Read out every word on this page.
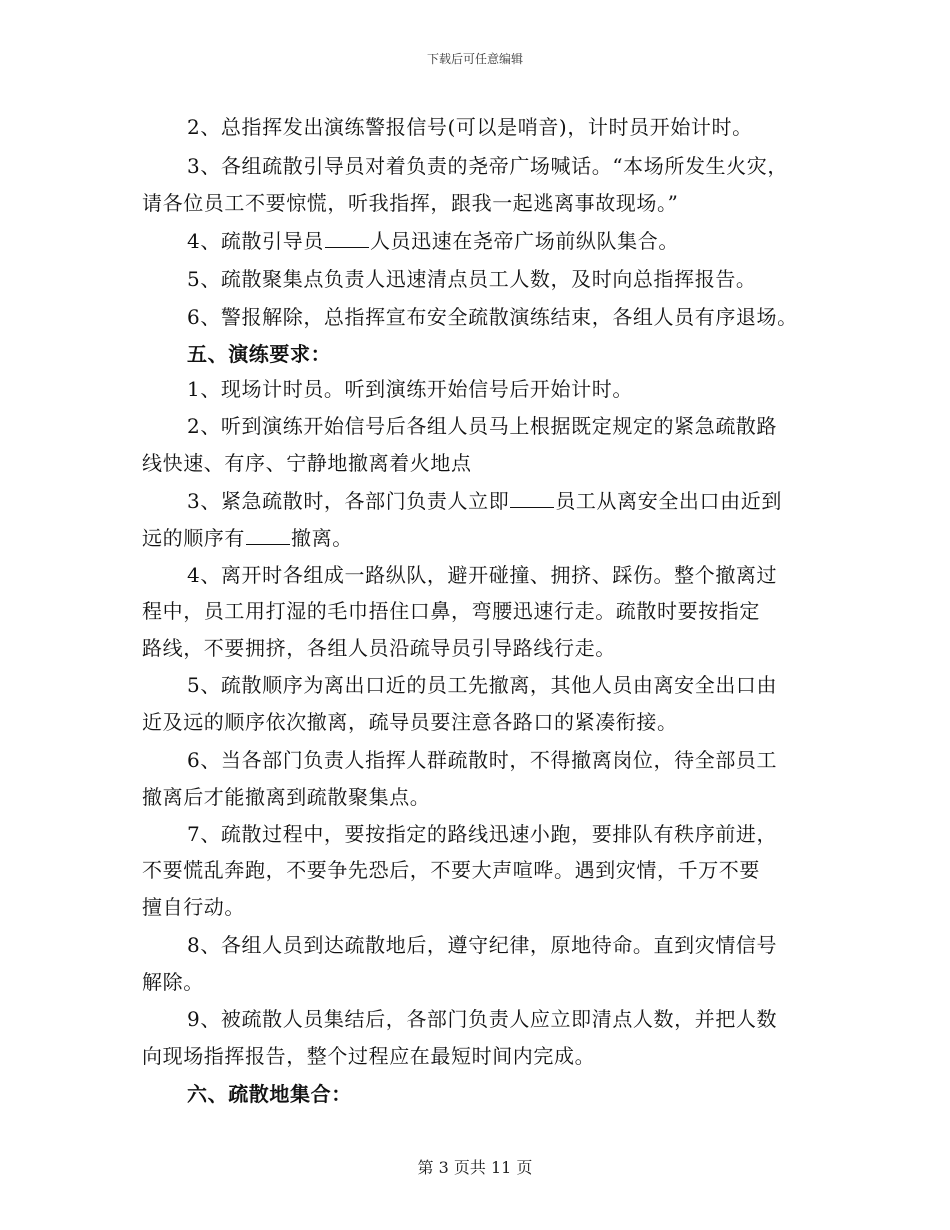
下载后可任意编辑
2、总指挥发出演练警报信号(可以是哨音)，计时员开始计时。
3、各组疏散引导员对着负责的尧帝广场喊话。“本场所发生火灾，
请各位员工不要惊慌，听我指挥，跟我一起逃离事故现场。”
4、疏散引导员 人员迅速在尧帝广场前纵队集合。
5、疏散聚集点负责人迅速清点员工人数，及时向总指挥报告。
6、警报解除，总指挥宣布安全疏散演练结束，各组人员有序退场。
五、演练要求：
1、现场计时员。听到演练开始信号后开始计时。
2、听到演练开始信号后各组人员马上根据既定规定的紧急疏散路
线快速、有序、宁静地撤离着火地点
3、紧急疏散时，各部门负责人立即 员工从离安全出口由近到
远的顺序有 撤离。
4、离开时各组成一路纵队，避开碰撞、拥挤、踩伤。整个撤离过
程中，员工用打湿的毛巾捂住口鼻，弯腰迅速行走。疏散时要按指定
路线，不要拥挤，各组人员沿疏导员引导路线行走。
5、疏散顺序为离出口近的员工先撤离，其他人员由离安全出口由
近及远的顺序依次撤离，疏导员要注意各路口的紧凑衔接。
6、当各部门负责人指挥人群疏散时，不得撤离岗位，待全部员工
撤离后才能撤离到疏散聚集点。
7、疏散过程中，要按指定的路线迅速小跑，要排队有秩序前进，
不要慌乱奔跑，不要争先恐后，不要大声喧哗。遇到灾情，千万不要
擅自行动。
8、各组人员到达疏散地后，遵守纪律，原地待命。直到灾情信号
解除。
9、被疏散人员集结后，各部门负责人应立即清点人数，并把人数
向现场指挥报告，整个过程应在最短时间内完成。
六、疏散地集合：
第 3 页共 11 页
